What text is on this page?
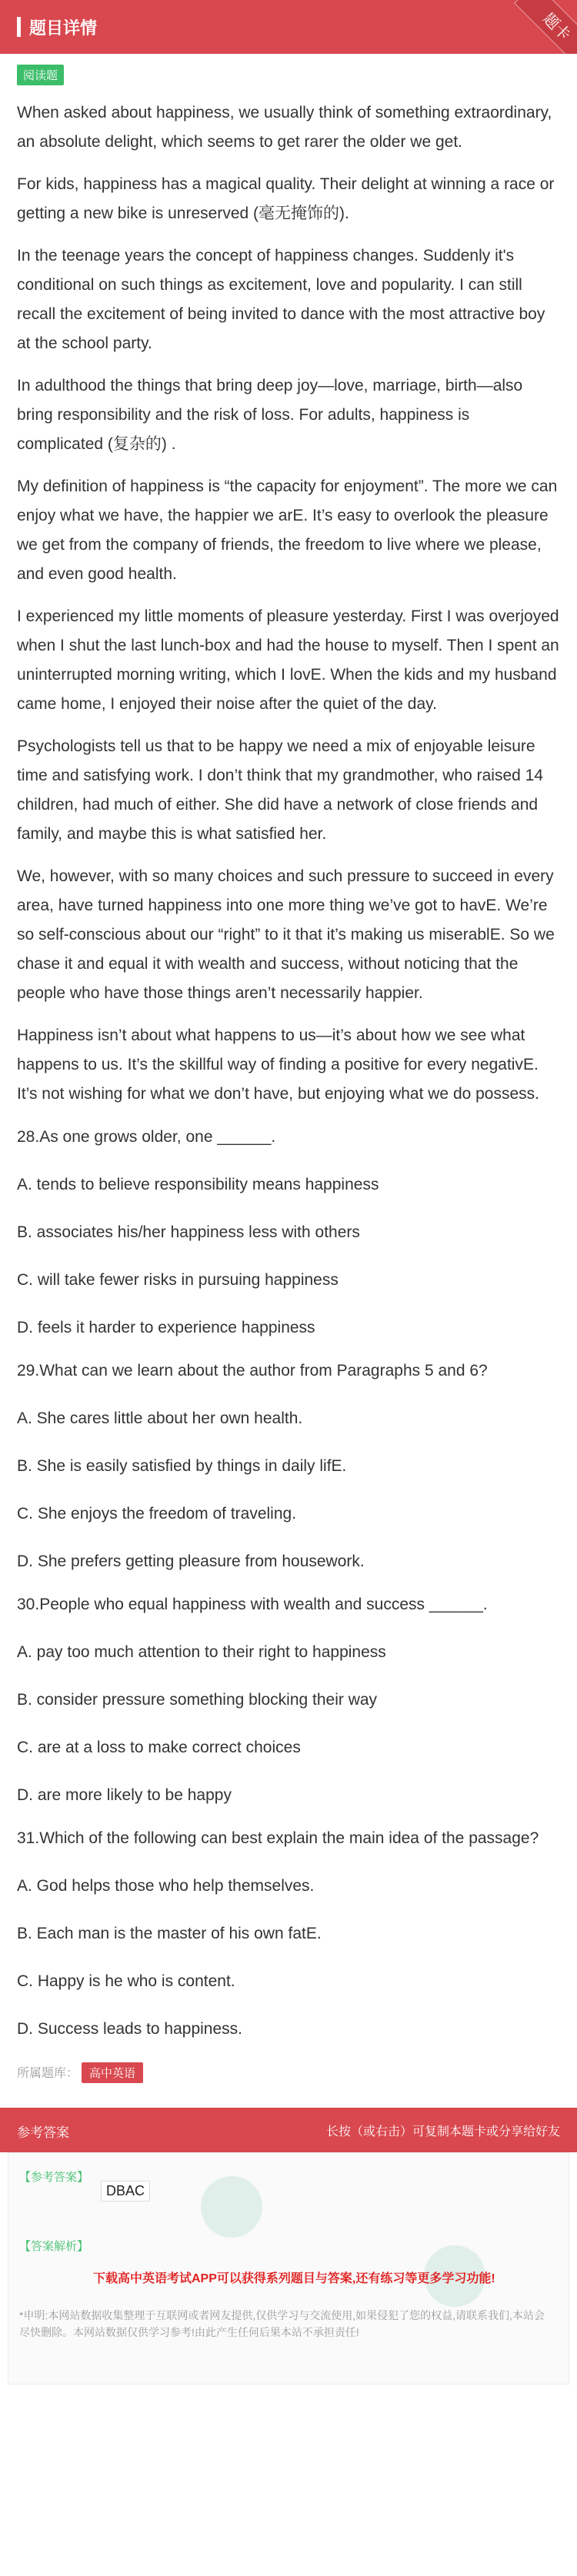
题目详情	题卡
阅读题

When asked about happiness, we usually think of something extraordinary, an absolute delight, which seems to get rarer the older we get.

For kids, happiness has a magical quality. Their delight at winning a race or getting a new bike is unreserved (毫无掩饰的).

In the teenage years the concept of happiness changes. Suddenly it's conditional on such things as excitement, love and popularity. I can still recall the excitement of being invited to dance with the most attractive boy at the school party.

In adulthood the things that bring deep joy—love, marriage, birth—also bring responsibility and the risk of loss. For adults, happiness is complicated (复杂的) .

My definition of happiness is “the capacity for enjoyment”. The more we can enjoy what we have, the happier we arE. It’s easy to overlook the pleasure we get from the company of friends, the freedom to live where we please, and even good health.

I experienced my little moments of pleasure yesterday. First I was overjoyed when I shut the last lunch-box and had the house to myself. Then I spent an uninterrupted morning writing, which I lovE. When the kids and my husband came home, I enjoyed their noise after the quiet of the day.

Psychologists tell us that to be happy we need a mix of enjoyable leisure time and satisfying work. I don’t think that my grandmother, who raised 14 children, had much of either. She did have a network of close friends and family, and maybe this is what satisfied her.

We, however, with so many choices and such pressure to succeed in every area, have turned happiness into one more thing we’ve got to havE. We’re so self-conscious about our “right” to it that it’s making us miserablE. So we chase it and equal it with wealth and success, without noticing that the people who have those things aren’t necessarily happier.

Happiness isn’t about what happens to us—it’s about how we see what happens to us. It’s the skillful way of finding a positive for every negativE. It’s not wishing for what we don’t have, but enjoying what we do possess.

28.As one grows older, one ______.

A. tends to believe responsibility means happiness

B. associates his/her happiness less with others

C. will take fewer risks in pursuing happiness

D. feels it harder to experience happiness

29.What can we learn about the author from Paragraphs 5 and 6?

A. She cares little about her own health.

B. She is easily satisfied by things in daily lifE.

C. She enjoys the freedom of traveling.

D. She prefers getting pleasure from housework.

30.People who equal happiness with wealth and success ______.

A. pay too much attention to their right to happiness

B. consider pressure something blocking their way

C. are at a loss to make correct choices

D. are more likely to be happy

31.Which of the following can best explain the main idea of the passage?

A. God helps those who help themselves.

B. Each man is the master of his own fatE.

C. Happy is he who is content.

D. Success leads to happiness.

所属题库： 高中英语
参考答案	长按（或右击）可复制本题卡或分享给好友
【参考答案】
DBAC
【答案解析】
下载高中英语考试APP可以获得系列题目与答案,还有练习等更多学习功能!
*申明:本网站数据收集整理于互联网或者网友提供,仅供学习与交流使用,如果侵犯了您的权益,请联系我们,本站会尽快删除。本网站数据仅供学习参考!由此产生任何后果本站不承担责任!
